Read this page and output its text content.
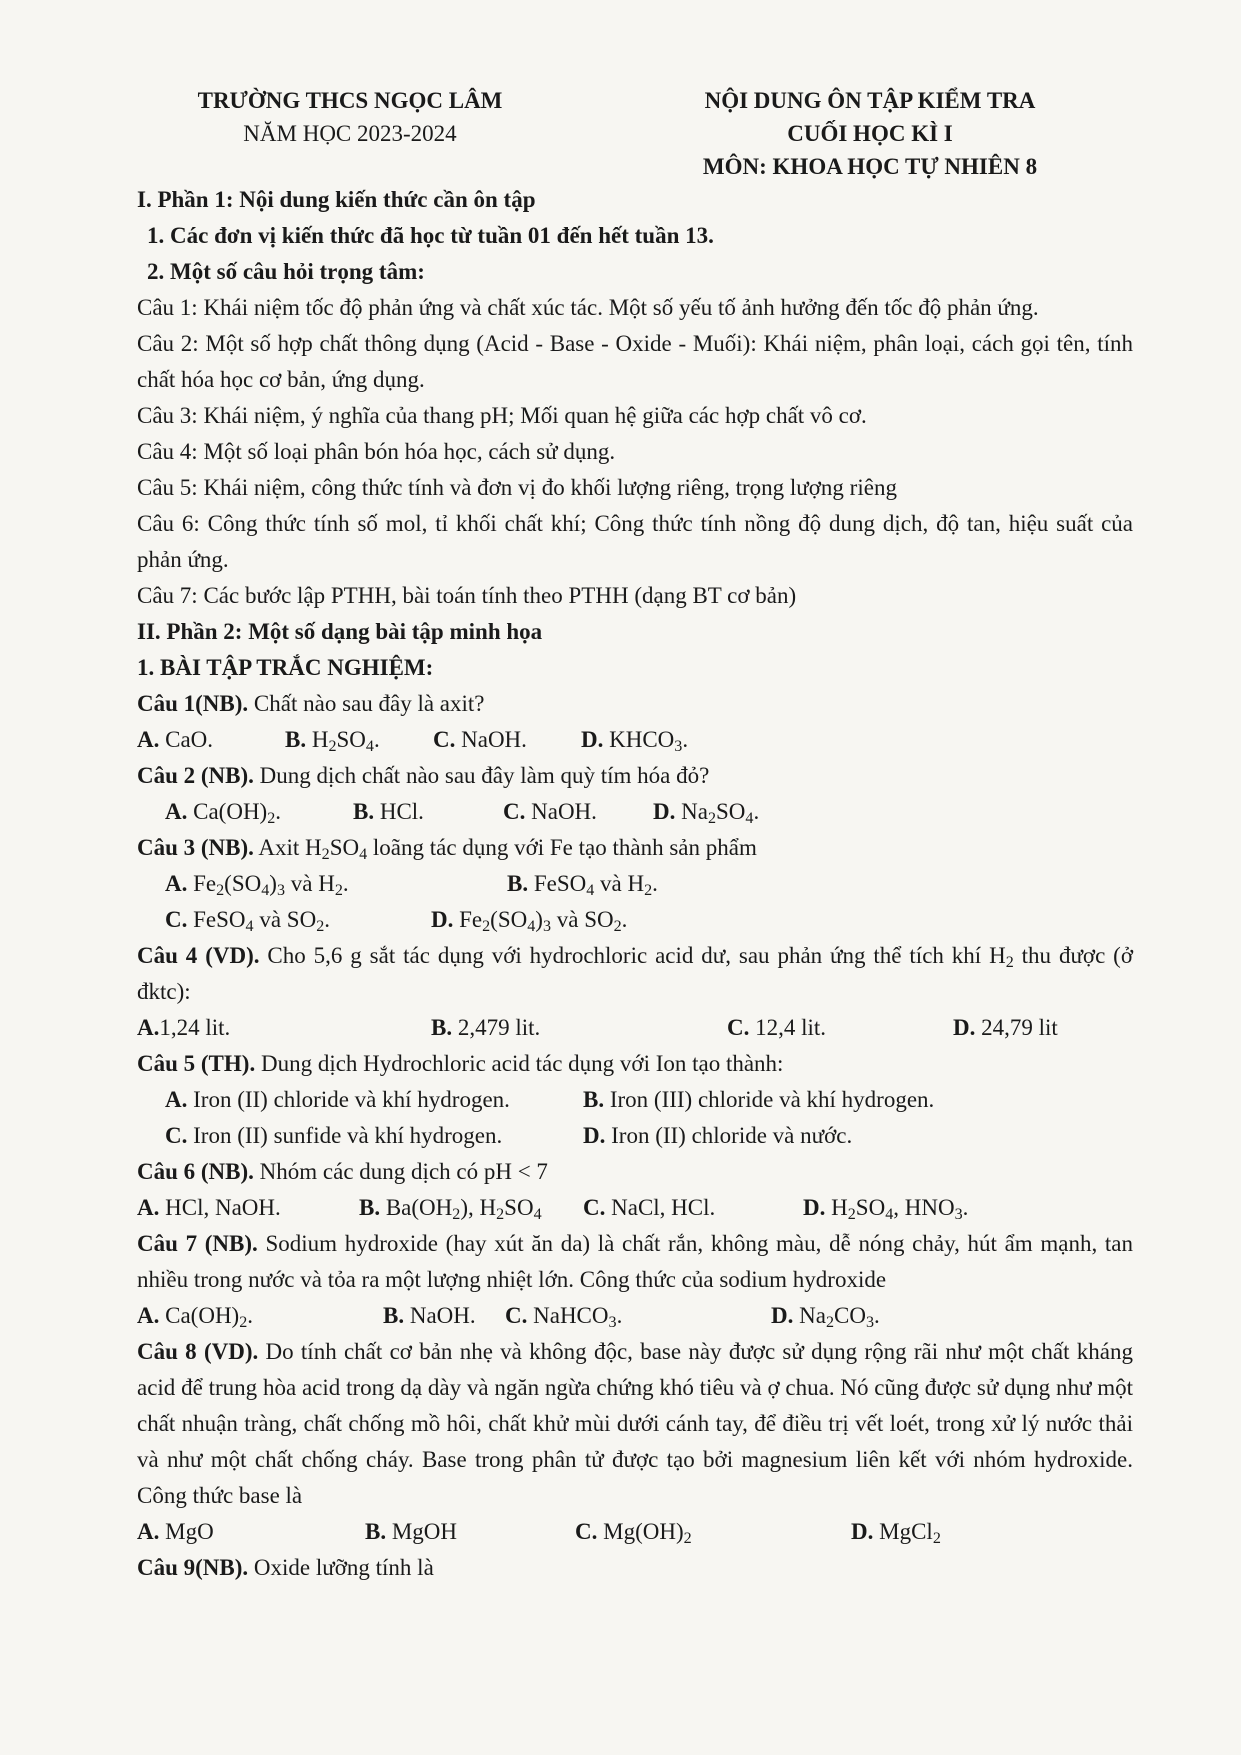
TRƯỜNG THCS NGỌC LÂM
NĂM HỌC 2023-2024
NỘI DUNG ÔN TẬP KIỂM TRA
CUỐI HỌC KÌ I
MÔN: KHOA HỌC TỰ NHIÊN 8
I. Phần 1: Nội dung kiến thức cần ôn tập
1. Các đơn vị kiến thức đã học từ tuần 01 đến hết tuần 13.
2. Một số câu hỏi trọng tâm:
Câu 1: Khái niệm tốc độ phản ứng và chất xúc tác. Một số yếu tố ảnh hưởng đến tốc độ phản ứng.
Câu 2: Một số hợp chất thông dụng (Acid - Base - Oxide - Muối): Khái niệm, phân loại, cách gọi tên, tính chất hóa học cơ bản, ứng dụng.
Câu 3: Khái niệm, ý nghĩa của thang pH; Mối quan hệ giữa các hợp chất vô cơ.
Câu 4: Một số loại phân bón hóa học, cách sử dụng.
Câu 5: Khái niệm, công thức tính và đơn vị đo khối lượng riêng, trọng lượng riêng
Câu 6: Công thức tính số mol, tỉ khối chất khí; Công thức tính nồng độ dung dịch, độ tan, hiệu suất của phản ứng.
Câu 7: Các bước lập PTHH, bài toán tính theo PTHH (dạng BT cơ bản)
II. Phần 2: Một số dạng bài tập minh họa
1. BÀI TẬP TRẮC NGHIỆM:
Câu 1(NB). Chất nào sau đây là axit?
A. CaO.	B. $H_2SO_4$.	C. NaOH.	D. $KHCO_3$.
Câu 2 (NB). Dung dịch chất nào sau đây làm quỳ tím hóa đỏ?
A. $Ca(OH)_2$.	B. HCl.	C. NaOH.	D. $Na_2SO_4$.
Câu 3 (NB). Axit $H_2SO_4$ loãng tác dụng với Fe tạo thành sản phẩm
A. $Fe_2(SO_4)_3$ và $H_2$.	B. FeSO$_4$ và $H_2$.
C. FeSO$_4$ và $SO_2$.	D. $Fe_2(SO_4)_3$ và $SO_2$.
Câu 4 (VD). Cho 5,6 g sắt tác dụng với hydrochloric acid dư, sau phản ứng thể tích khí $H_2$ thu được (ở đktc):
A.1,24 lit.	B. 2,479 lit.	C. 12,4 lit.	D. 24,79 lit
Câu 5 (TH). Dung dịch Hydrochloric acid tác dụng với Ion tạo thành:
A. Iron (II) chloride và khí hydrogen.	B. Iron (III) chloride và khí hydrogen.
C. Iron (II) sunfide và khí hydrogen.	D. Iron (II) chloride và nước.
Câu 6 (NB). Nhóm các dung dịch có pH < 7
A. HCl, NaOH.	B. $Ba(OH_2)$, $H_2SO_4$	C. NaCl, HCl.	D. $H_2SO_4$, $HNO_3$.
Câu 7 (NB). Sodium hydroxide (hay xút ăn da) là chất rắn, không màu, dễ nóng chảy, hút ẩm mạnh, tan nhiều trong nước và tỏa ra một lượng nhiệt lớn. Công thức của sodium hydroxide
A. $Ca(OH)_2$.	B. NaOH.	C. NaHCO$_3$.	D. $Na_2CO_3$.
Câu 8 (VD). Do tính chất cơ bản nhẹ và không độc, base này được sử dụng rộng rãi như một chất kháng acid để trung hòa acid trong dạ dày và ngăn ngừa chứng khó tiêu và ợ chua. Nó cũng được sử dụng như một chất nhuận tràng, chất chống mồ hôi, chất khử mùi dưới cánh tay, để điều trị vết loét, trong xử lý nước thải và như một chất chống cháy. Base trong phân tử được tạo bởi magnesium liên kết với nhóm hydroxide. Công thức base là
A. MgO	B. MgOH	C. $Mg(OH)_2$	D. MgCl$_2$
Câu 9(NB). Oxide lưỡng tính là
